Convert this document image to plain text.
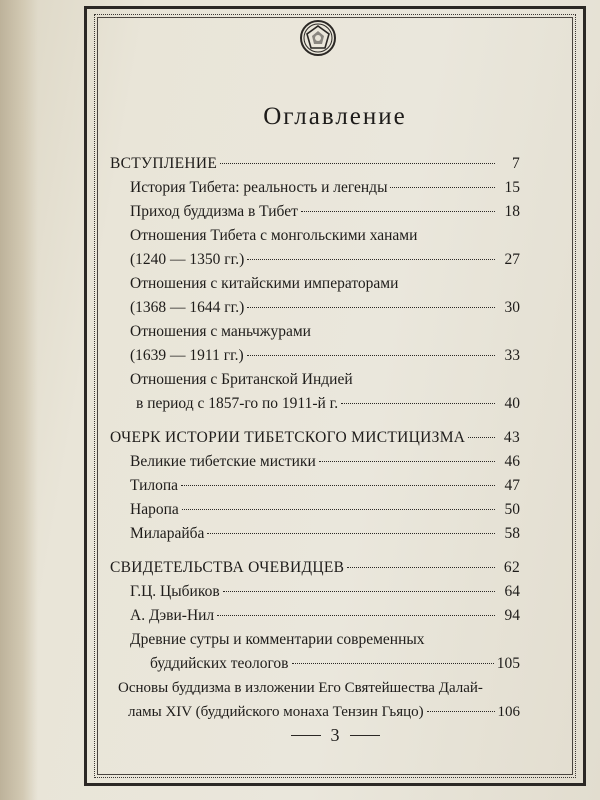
Оглавление
ВСТУПЛЕНИЕ	7
История Тибета: реальность и легенды	15
Приход буддизма в Тибет	18
Отношения Тибета с монгольскими ханами
(1240 — 1350 гг.)	27
Отношения с китайскими императорами
(1368 — 1644 гг.)	30
Отношения с маньчжурами
(1639 — 1911 гг.)	33
Отношения с Британской Индией
в период с 1857-го по 1911-й г.	40
ОЧЕРК ИСТОРИИ ТИБЕТСКОГО МИСТИЦИЗМА	43
Великие тибетские мистики	46
Тилопа	47
Наропа	50
Миларайба	58
СВИДЕТЕЛЬСТВА ОЧЕВИДЦЕВ	62
Г.Ц. Цыбиков	64
А. Дэви-Нил	94
Древние сутры и комментарии современных
буддийских теологов	105
Основы буддизма в изложении Его Святейшества Далай-
ламы XIV (буддийского монаха Тензин Гьяцо)	106
3
